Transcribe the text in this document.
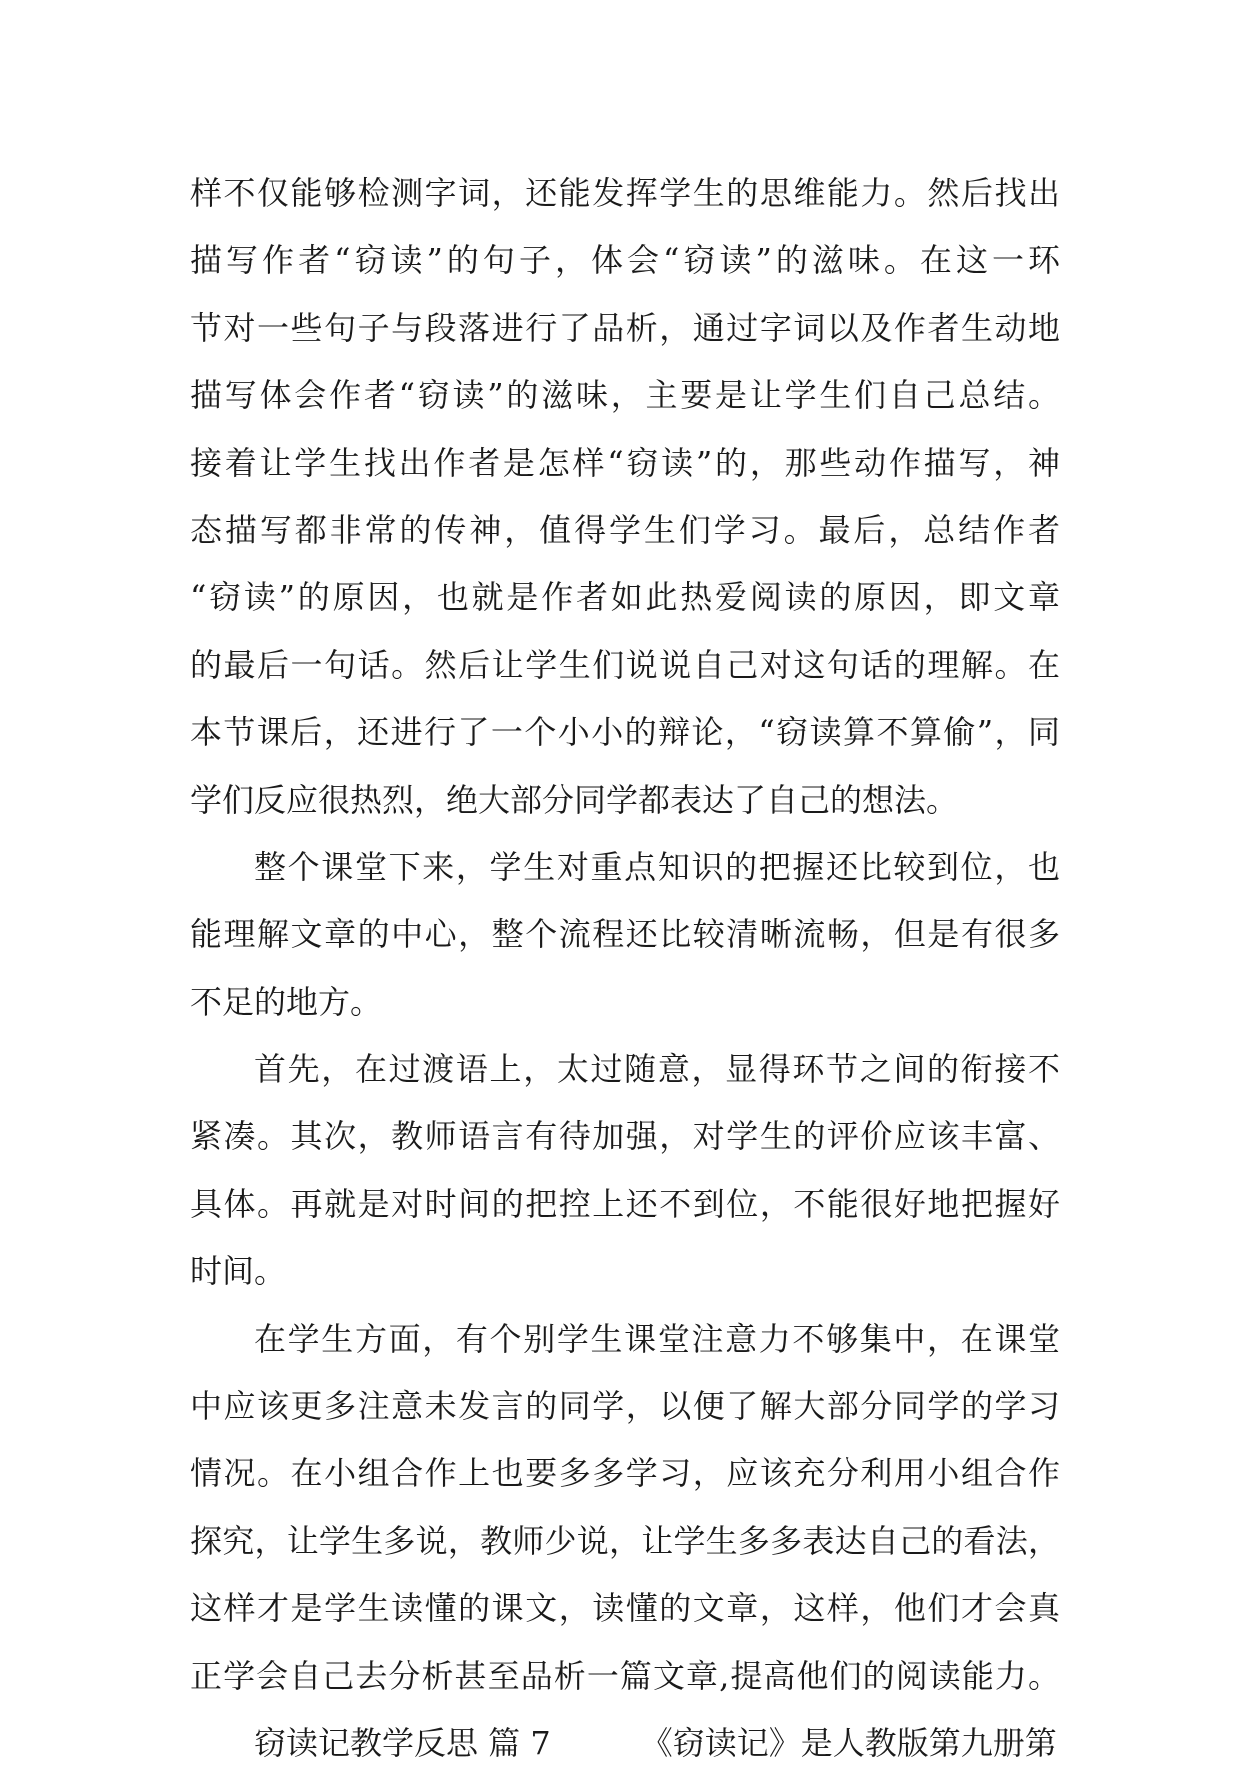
样不仅能够检测字词，还能发挥学生的思维能力。然后找出
描写作者“窃读”的句子，体会“窃读”的滋味。在这一环
节对一些句子与段落进行了品析，通过字词以及作者生动地
描写体会作者“窃读”的滋味，主要是让学生们自己总结。
接着让学生找出作者是怎样“窃读”的，那些动作描写，神
态描写都非常的传神，值得学生们学习。最后，总结作者
“窃读”的原因，也就是作者如此热爱阅读的原因，即文章
的最后一句话。然后让学生们说说自己对这句话的理解。在
本节课后，还进行了一个小小的辩论，“窃读算不算偷”，同
学们反应很热烈，绝大部分同学都表达了自己的想法。
整个课堂下来，学生对重点知识的把握还比较到位，也
能理解文章的中心，整个流程还比较清晰流畅，但是有很多
不足的地方。
首先，在过渡语上，太过随意，显得环节之间的衔接不
紧凑。其次，教师语言有待加强，对学生的评价应该丰富、
具体。再就是对时间的把控上还不到位，不能很好地把握好
时间。
在学生方面，有个别学生课堂注意力不够集中，在课堂
中应该更多注意未发言的同学，以便了解大部分同学的学习
情况。在小组合作上也要多多学习，应该充分利用小组合作
探究，让学生多说，教师少说，让学生多多表达自己的看法，
这样才是学生读懂的课文，读懂的文章，这样，他们才会真
正学会自己去分析甚至品析一篇文章,提高他们的阅读能力。
窃读记教学反思 篇 7	《窃读记》是人教版第九册第
